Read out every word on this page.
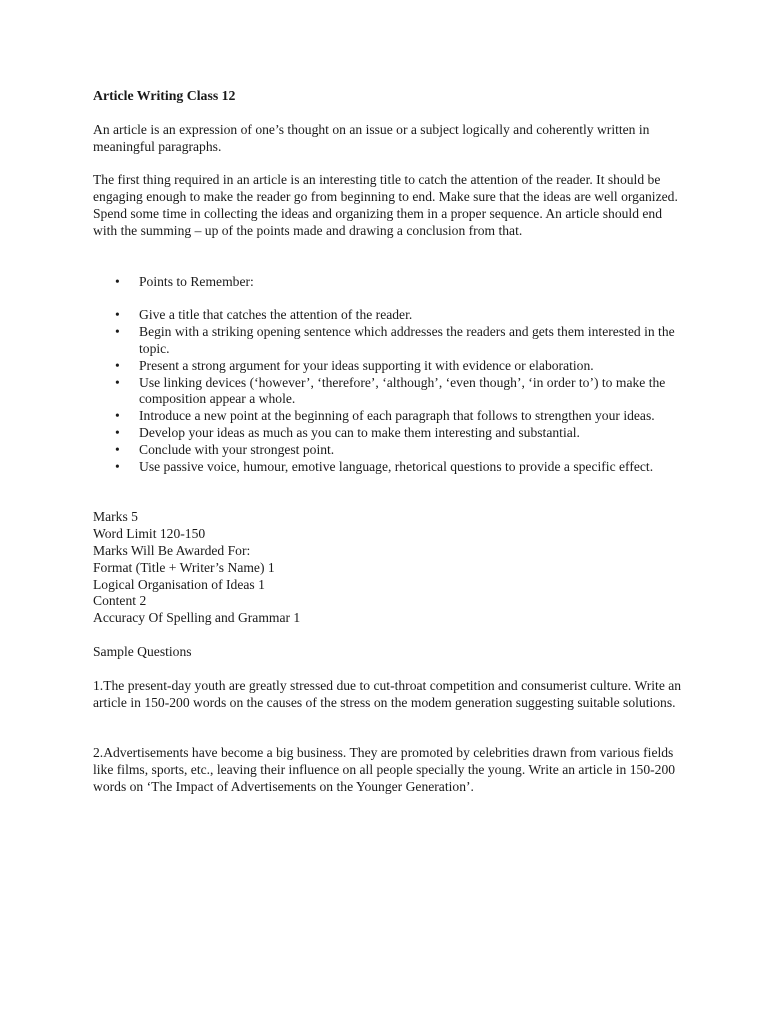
Article Writing Class 12

An article is an expression of one’s thought on an issue or a subject logically and coherently written in meaningful paragraphs.

The first thing required in an article is an interesting title to catch the attention of the reader. It should be engaging enough to make the reader go from beginning to end. Make sure that the ideas are well organized. Spend some time in collecting the ideas and organizing them in a proper sequence. An article should end with the summing – up of the points made and drawing a conclusion from that.

• Points to Remember:
• Give a title that catches the attention of the reader.
• Begin with a striking opening sentence which addresses the readers and gets them interested in the topic.
• Present a strong argument for your ideas supporting it with evidence or elaboration.
• Use linking devices (‘however’, ‘therefore’, ‘although’, ‘even though’, ‘in order to’) to make the composition appear a whole.
• Introduce a new point at the beginning of each paragraph that follows to strengthen your ideas.
• Develop your ideas as much as you can to make them interesting and substantial.
• Conclude with your strongest point.
• Use passive voice, humour, emotive language, rhetorical questions to provide a specific effect.

Marks 5

Word Limit 120-150

Marks Will Be Awarded For:

Format (Title + Writer’s Name) 1

Logical Organisation of Ideas 1

Content 2

Accuracy Of Spelling and Grammar 1

Sample Questions

1.The present-day youth are greatly stressed due to cut-throat competition and consumerist culture. Write an article in 150-200 words on the causes of the stress on the modem generation suggesting suitable solutions.

2.Advertisements have become a big business. They are promoted by celebrities drawn from various fields like films, sports, etc., leaving their influence on all people specially the young. Write an article in 150-200 words on ‘The Impact of Advertisements on the Younger Generation’.
